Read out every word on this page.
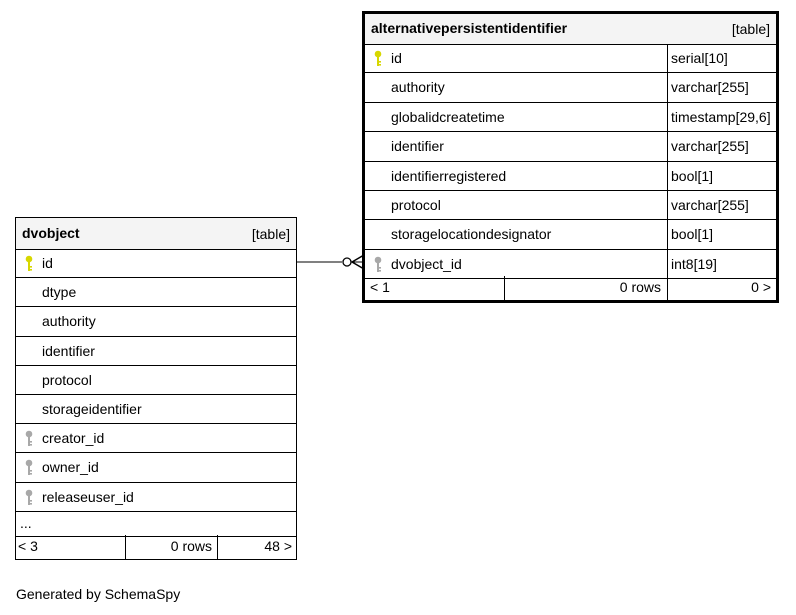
alternativepersistentidentifier	[table]
id	serial[10]
authority	varchar[255]
globalidcreatetime	timestamp[29,6]
identifier	varchar[255]
identifierregistered	bool[1]
protocol	varchar[255]
storagelocationdesignator	bool[1]
dvobject_id	int8[19]
< 1	0 rows	0 >
dvobject	[table]
id
dtype
authority
identifier
protocol
storageidentifier
creator_id
owner_id
releaseuser_id
...
< 3	0 rows	48 >
Generated by SchemaSpy
